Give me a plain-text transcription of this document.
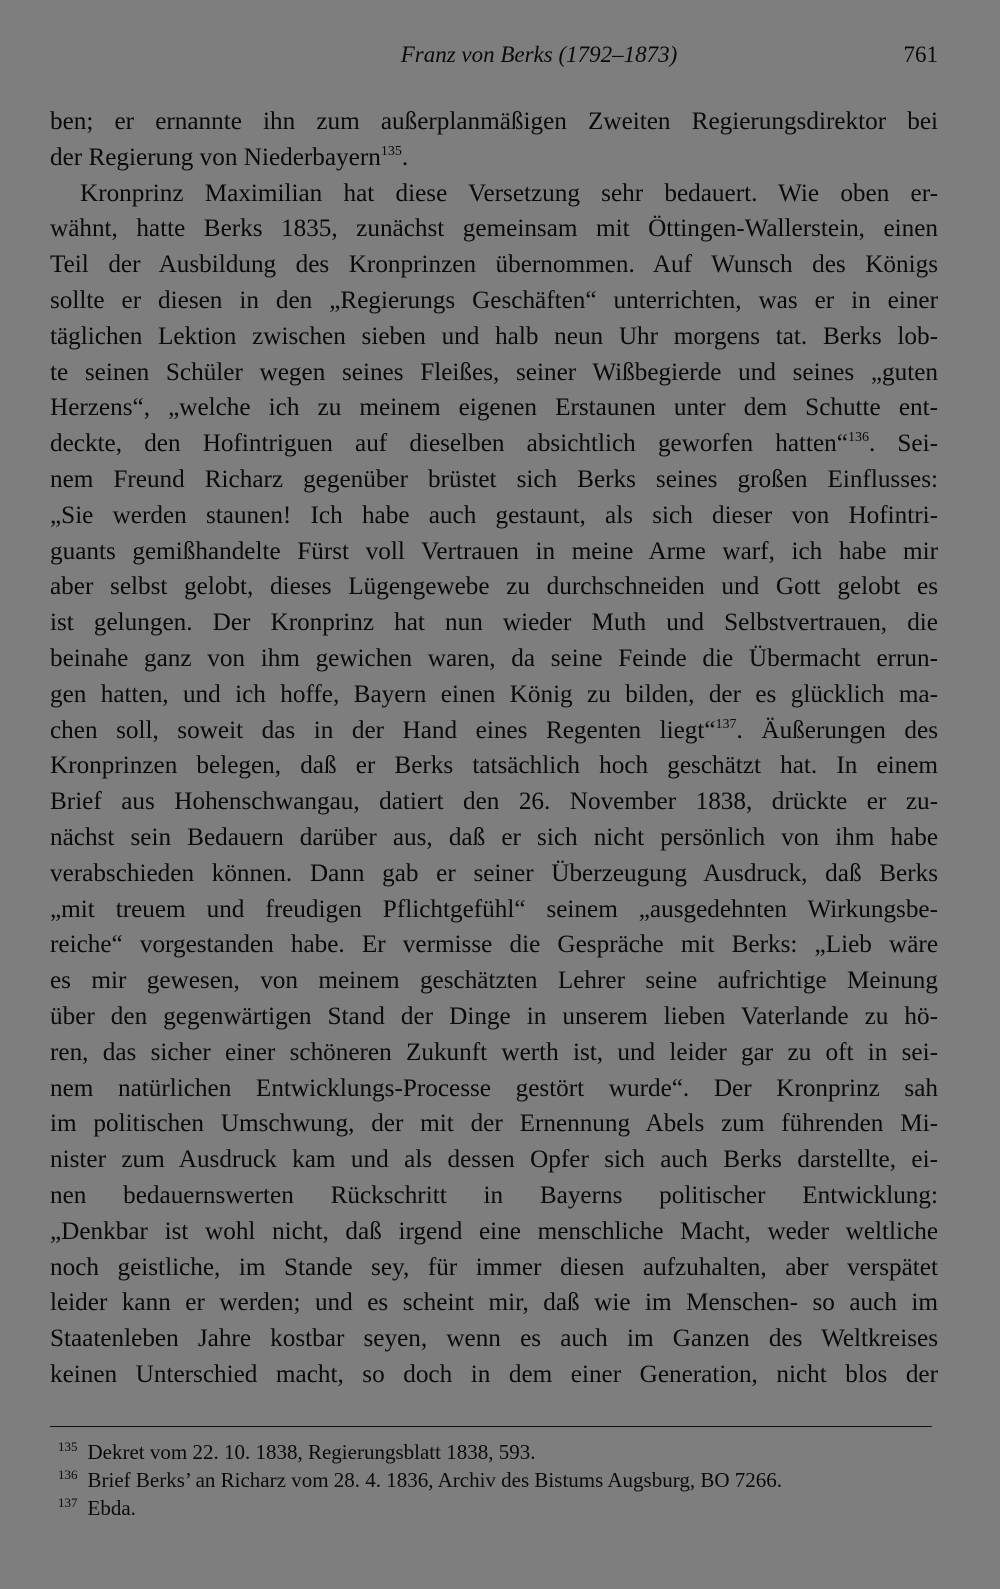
Franz von Berks (1792–1873)	761
ben; er ernannte ihn zum außerplanmäßigen Zweiten Regierungsdirektor bei
der Regierung von Niederbayern$^{135}$.
Kronprinz Maximilian hat diese Versetzung sehr bedauert. Wie oben er-
wähnt, hatte Berks 1835, zunächst gemeinsam mit Öttingen-Wallerstein, einen
Teil der Ausbildung des Kronprinzen übernommen. Auf Wunsch des Königs
sollte er diesen in den „Regierungs Geschäften“ unterrichten, was er in einer
täglichen Lektion zwischen sieben und halb neun Uhr morgens tat. Berks lob-
te seinen Schüler wegen seines Fleißes, seiner Wißbegierde und seines „guten
Herzens“, „welche ich zu meinem eigenen Erstaunen unter dem Schutte ent-
deckte, den Hofintriguen auf dieselben absichtlich geworfen hatten“$^{136}$. Sei-
nem Freund Richarz gegenüber brüstet sich Berks seines großen Einflusses:
„Sie werden staunen! Ich habe auch gestaunt, als sich dieser von Hofintri-
guants gemißhandelte Fürst voll Vertrauen in meine Arme warf, ich habe mir
aber selbst gelobt, dieses Lügengewebe zu durchschneiden und Gott gelobt es
ist gelungen. Der Kronprinz hat nun wieder Muth und Selbstvertrauen, die
beinahe ganz von ihm gewichen waren, da seine Feinde die Übermacht errun-
gen hatten, und ich hoffe, Bayern einen König zu bilden, der es glücklich ma-
chen soll, soweit das in der Hand eines Regenten liegt“$^{137}$. Äußerungen des
Kronprinzen belegen, daß er Berks tatsächlich hoch geschätzt hat. In einem
Brief aus Hohenschwangau, datiert den 26. November 1838, drückte er zu-
nächst sein Bedauern darüber aus, daß er sich nicht persönlich von ihm habe
verabschieden können. Dann gab er seiner Überzeugung Ausdruck, daß Berks
„mit treuem und freudigen Pflichtgefühl“ seinem „ausgedehnten Wirkungsbe-
reiche“ vorgestanden habe. Er vermisse die Gespräche mit Berks: „Lieb wäre
es mir gewesen, von meinem geschätzten Lehrer seine aufrichtige Meinung
über den gegenwärtigen Stand der Dinge in unserem lieben Vaterlande zu hö-
ren, das sicher einer schöneren Zukunft werth ist, und leider gar zu oft in sei-
nem natürlichen Entwicklungs-Processe gestört wurde“. Der Kronprinz sah
im politischen Umschwung, der mit der Ernennung Abels zum führenden Mi-
nister zum Ausdruck kam und als dessen Opfer sich auch Berks darstellte, ei-
nen bedauernswerten Rückschritt in Bayerns politischer Entwicklung:
„Denkbar ist wohl nicht, daß irgend eine menschliche Macht, weder weltliche
noch geistliche, im Stande sey, für immer diesen aufzuhalten, aber verspätet
leider kann er werden; und es scheint mir, daß wie im Menschen- so auch im
Staatenleben Jahre kostbar seyen, wenn es auch im Ganzen des Weltkreises
keinen Unterschied macht, so doch in dem einer Generation, nicht blos der
$^{135}$ Dekret vom 22. 10. 1838, Regierungsblatt 1838, 593.
$^{136}$ Brief Berks’ an Richarz vom 28. 4. 1836, Archiv des Bistums Augsburg, BO 7266.
$^{137}$ Ebda.
